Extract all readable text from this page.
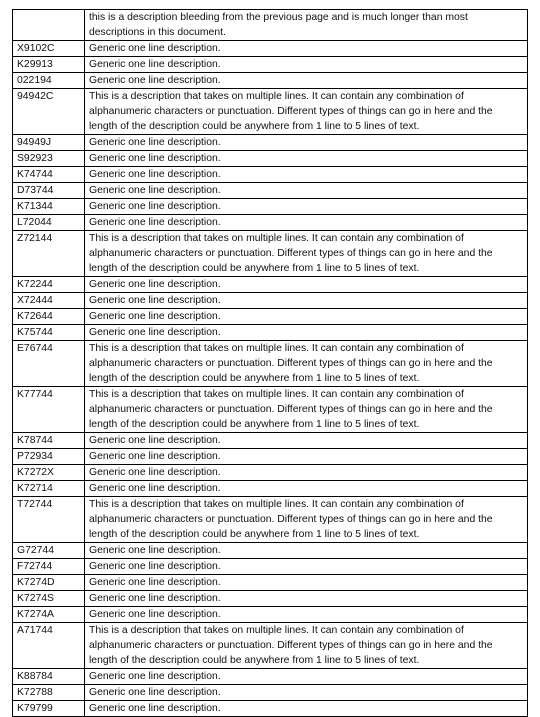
	this is a description bleeding from the previous page and is much longer than most descriptions in this document.
X9102C	Generic one line description.
K29913	Generic one line description.
022194	Generic one line description.
94942C	This is a description that takes on multiple lines. It can contain any combination of alphanumeric characters or punctuation. Different types of things can go in here and the length of the description could be anywhere from 1 line to 5 lines of text.
94949J	Generic one line description.
S92923	Generic one line description.
K74744	Generic one line description.
D73744	Generic one line description.
K71344	Generic one line description.
L72044	Generic one line description.
Z72144	This is a description that takes on multiple lines. It can contain any combination of alphanumeric characters or punctuation. Different types of things can go in here and the length of the description could be anywhere from 1 line to 5 lines of text.
K72244	Generic one line description.
X72444	Generic one line description.
K72644	Generic one line description.
K75744	Generic one line description.
E76744	This is a description that takes on multiple lines. It can contain any combination of alphanumeric characters or punctuation. Different types of things can go in here and the length of the description could be anywhere from 1 line to 5 lines of text.
K77744	This is a description that takes on multiple lines. It can contain any combination of alphanumeric characters or punctuation. Different types of things can go in here and the length of the description could be anywhere from 1 line to 5 lines of text.
K78744	Generic one line description.
P72934	Generic one line description.
K7272X	Generic one line description.
K72714	Generic one line description.
T72744	This is a description that takes on multiple lines. It can contain any combination of alphanumeric characters or punctuation. Different types of things can go in here and the length of the description could be anywhere from 1 line to 5 lines of text.
G72744	Generic one line description.
F72744	Generic one line description.
K7274D	Generic one line description.
K7274S	Generic one line description.
K7274A	Generic one line description.
A71744	This is a description that takes on multiple lines. It can contain any combination of alphanumeric characters or punctuation. Different types of things can go in here and the length of the description could be anywhere from 1 line to 5 lines of text.
K88784	Generic one line description.
K72788	Generic one line description.
K79799	Generic one line description.
